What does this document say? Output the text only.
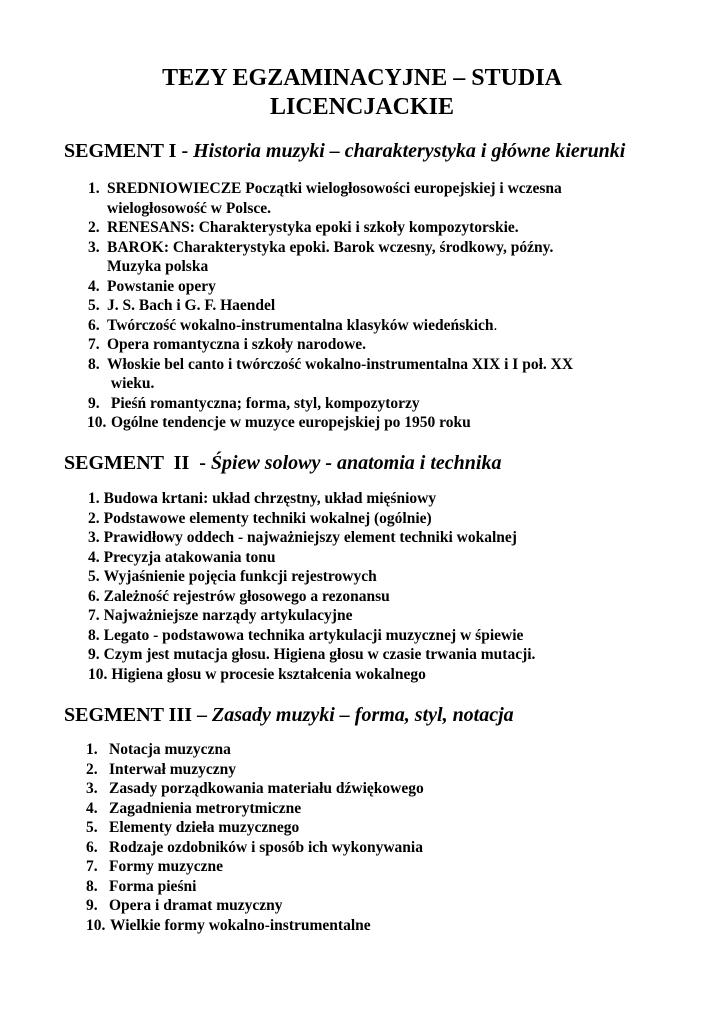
TEZY EGZAMINACYJNE – STUDIA
LICENCJACKIE
SEGMENT I - Historia muzyki – charakterystyka i główne kierunki
1. SREDNIOWIECZE Początki wielogłosowości europejskiej i wczesna
wielogłosowość w Polsce.
2. RENESANS: Charakterystyka epoki i szkoły kompozytorskie.
3. BAROK: Charakterystyka epoki. Barok wczesny, środkowy, późny.
Muzyka polska
4. Powstanie opery
5. J. S. Bach i G. F. Haendel
6. Twórczość wokalno-instrumentalna klasyków wiedeńskich.
7. Opera romantyczna i szkoły narodowe.
8. Włoskie bel canto i twórczość wokalno-instrumentalna XIX i I poł. XX
wieku.
9. Pieśń romantyczna; forma, styl, kompozytorzy
10. Ogólne tendencje w muzyce europejskiej po 1950 roku
SEGMENT  II  - Śpiew solowy - anatomia i technika
1. Budowa krtani: układ chrzęstny, układ mięśniowy
2. Podstawowe elementy techniki wokalnej (ogólnie)
3. Prawidłowy oddech - najważniejszy element techniki wokalnej
4. Precyzja atakowania tonu
5. Wyjaśnienie pojęcia funkcji rejestrowych
6. Zależność rejestrów głosowego a rezonansu
7. Najważniejsze narządy artykulacyjne
8. Legato - podstawowa technika artykulacji muzycznej w śpiewie
9. Czym jest mutacja głosu. Higiena głosu w czasie trwania mutacji.
10. Higiena głosu w procesie kształcenia wokalnego
SEGMENT III – Zasady muzyki – forma, styl, notacja
1. Notacja muzyczna
2. Interwał muzyczny
3. Zasady porządkowania materiału dźwiękowego
4. Zagadnienia metrorytmiczne
5. Elementy dzieła muzycznego
6. Rodzaje ozdobników i sposób ich wykonywania
7. Formy muzyczne
8. Forma pieśni
9. Opera i dramat muzyczny
10. Wielkie formy wokalno-instrumentalne
